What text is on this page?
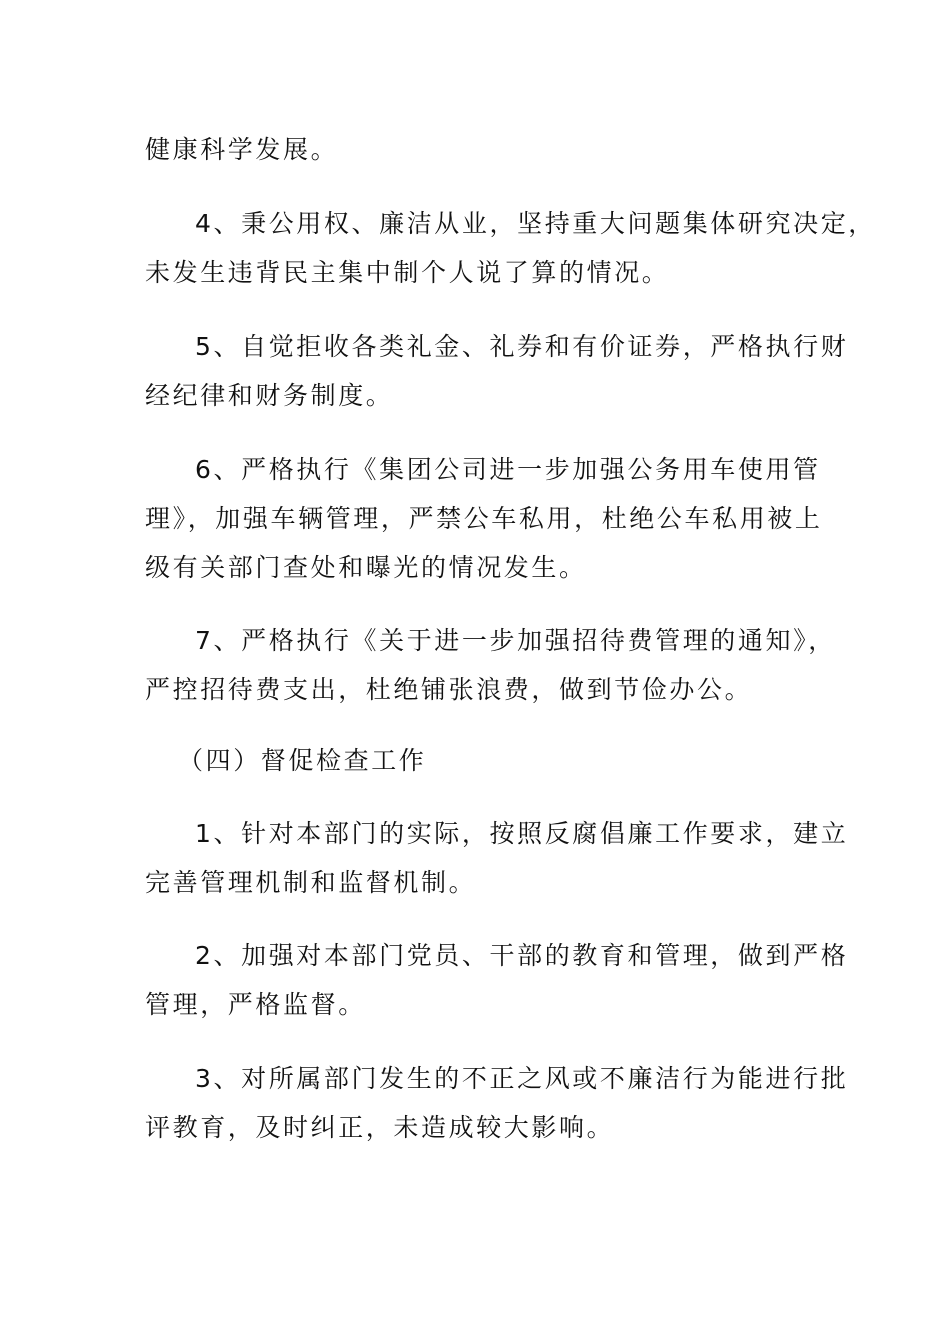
健康科学发展。
4、秉公用权、廉洁从业，坚持重大问题集体研究决定，
未发生违背民主集中制个人说了算的情况。
5、自觉拒收各类礼金、礼券和有价证券，严格执行财
经纪律和财务制度。
6、严格执行《集团公司进一步加强公务用车使用管
理》，加强车辆管理，严禁公车私用，杜绝公车私用被上
级有关部门查处和曝光的情况发生。
7、严格执行《关于进一步加强招待费管理的通知》，
严控招待费支出，杜绝铺张浪费，做到节俭办公。
（四）督促检查工作
1、针对本部门的实际，按照反腐倡廉工作要求，建立
完善管理机制和监督机制。
2、加强对本部门党员、干部的教育和管理，做到严格
管理，严格监督。
3、对所属部门发生的不正之风或不廉洁行为能进行批
评教育，及时纠正，未造成较大影响。
